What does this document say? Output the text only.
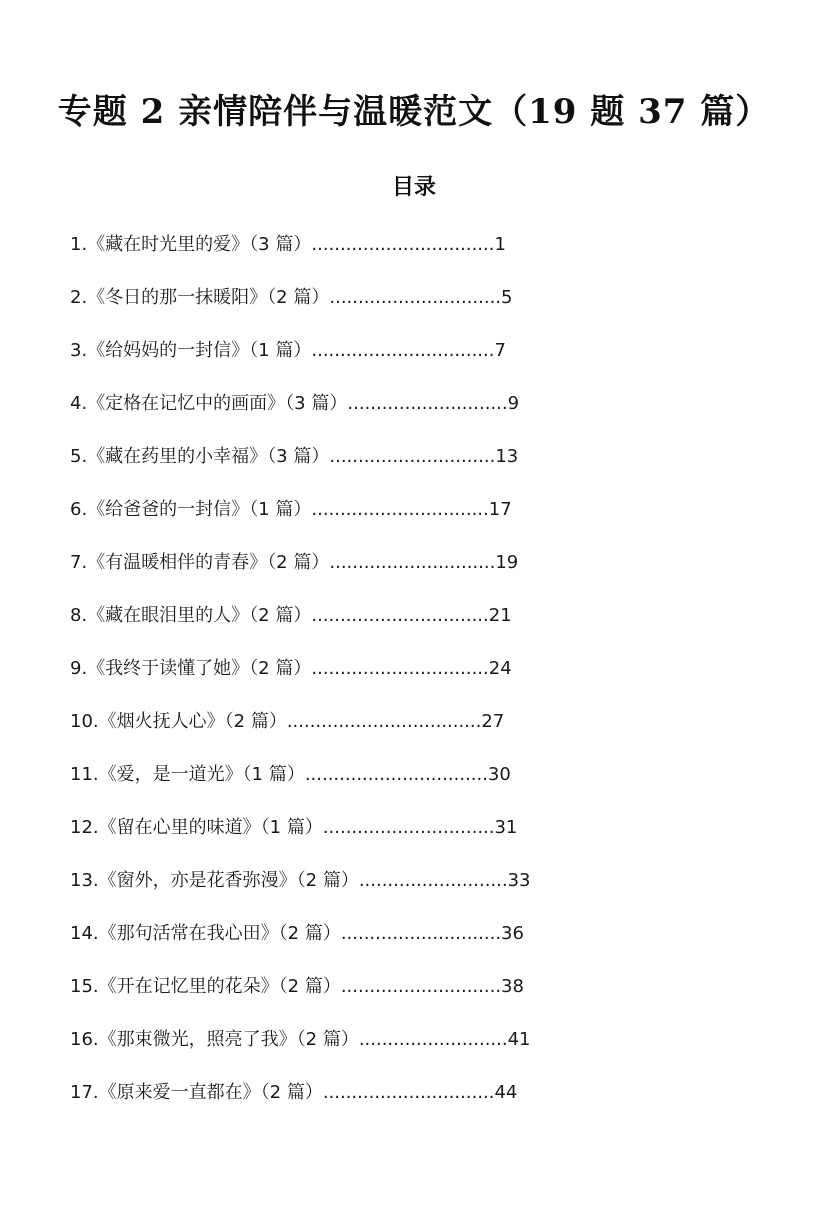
专题 2 亲情陪伴与温暖范文（19 题 37 篇）
目录
1.《藏在时光里的爱》（3 篇）................................1
2.《冬日的那一抹暖阳》（2 篇）..............................5
3.《给妈妈的一封信》（1 篇）................................7
4.《定格在记忆中的画面》（3 篇）............................9
5.《藏在药里的小幸福》（3 篇）.............................13
6.《给爸爸的一封信》（1 篇）...............................17
7.《有温暖相伴的青春》（2 篇）.............................19
8.《藏在眼泪里的人》（2 篇）...............................21
9.《我终于读懂了她》（2 篇）...............................24
10.《烟火抚人心》（2 篇）..................................27
11.《爱，是一道光》（1 篇）................................30
12.《留在心里的味道》（1 篇）..............................31
13.《窗外，亦是花香弥漫》（2 篇）..........................33
14.《那句活常在我心田》（2 篇）............................36
15.《开在记忆里的花朵》（2 篇）............................38
16.《那束微光，照亮了我》（2 篇）..........................41
17.《原来爱一直都在》（2 篇）..............................44
